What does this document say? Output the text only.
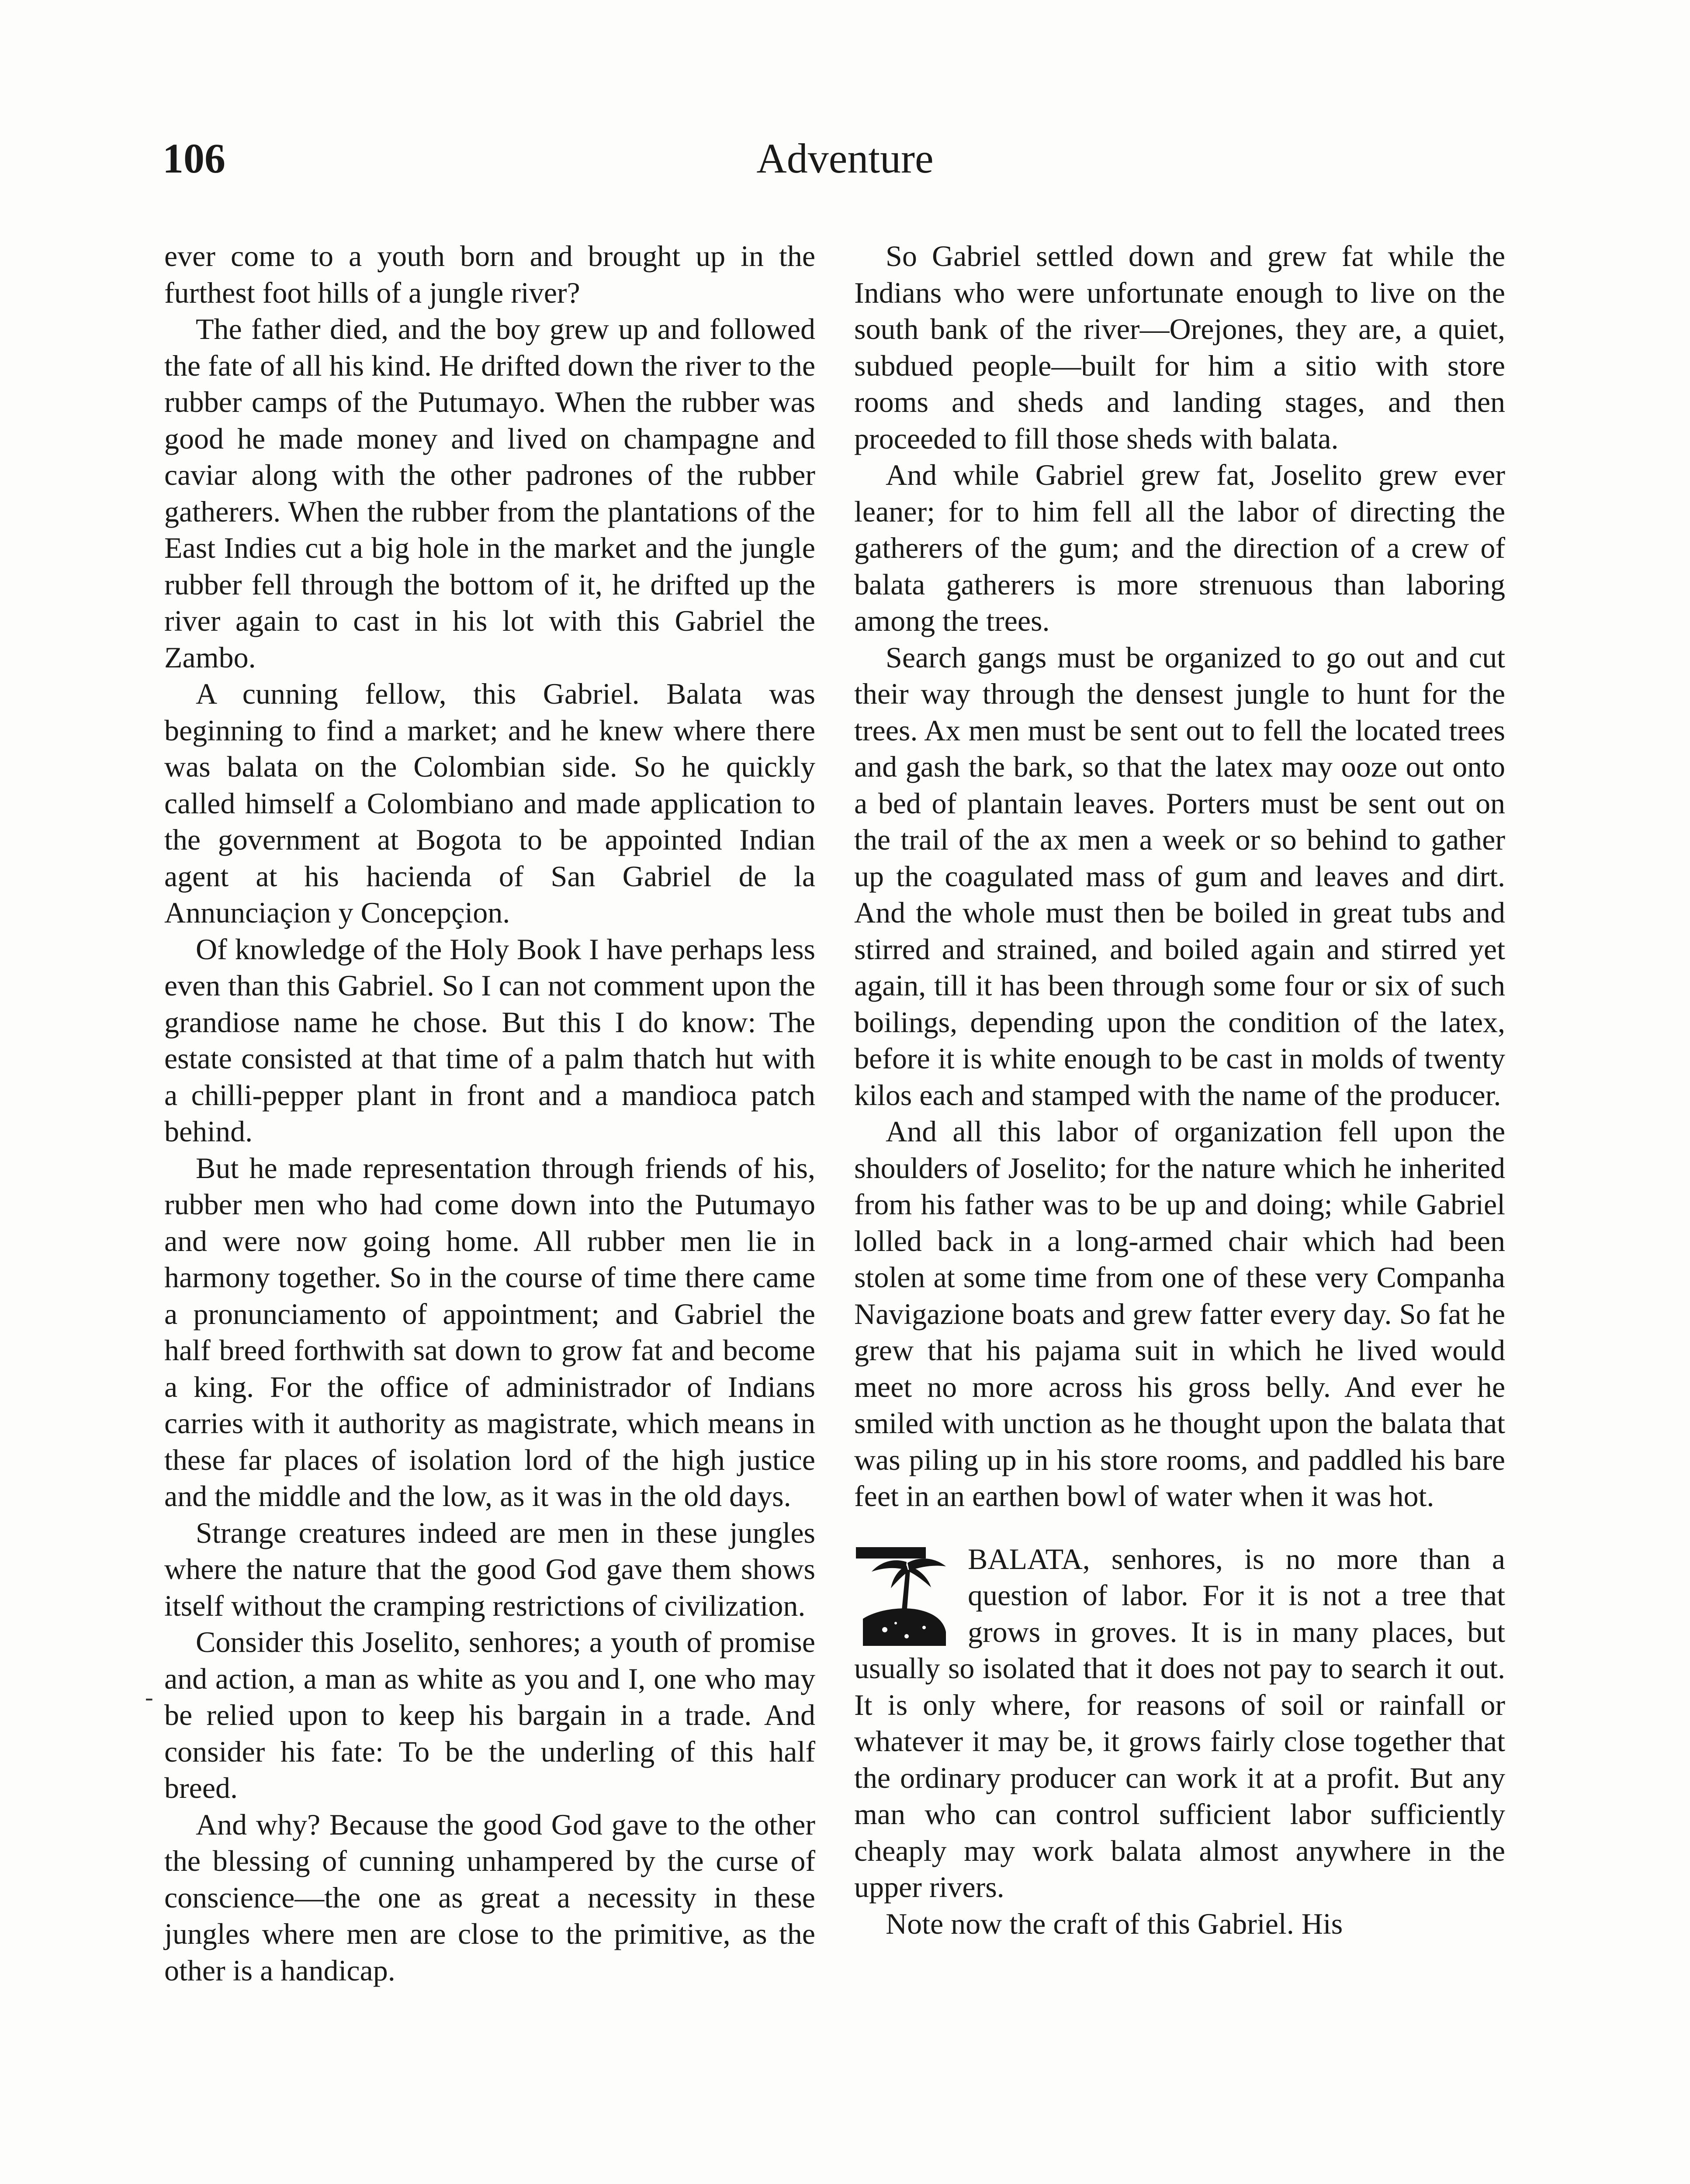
106	Adventure

ever come to a youth born and brought up in the furthest foot hills of a jungle river?

The father died, and the boy grew up and followed the fate of all his kind. He drifted down the river to the rubber camps of the Putumayo. When the rubber was good he made money and lived on champagne and caviar along with the other padrones of the rubber gatherers. When the rubber from the plantations of the East Indies cut a big hole in the market and the jungle rubber fell through the bottom of it, he drifted up the river again to cast in his lot with this Gabriel the Zambo.

A cunning fellow, this Gabriel. Balata was beginning to find a market; and he knew where there was balata on the Colombian side. So he quickly called himself a Colombiano and made application to the government at Bogota to be appointed Indian agent at his hacienda of San Gabriel de la Annunciaçion y Concepçion.

Of knowledge of the Holy Book I have perhaps less even than this Gabriel. So I can not comment upon the grandiose name he chose. But this I do know: The estate consisted at that time of a palm thatch hut with a chilli-pepper plant in front and a mandioca patch behind.

But he made representation through friends of his, rubber men who had come down into the Putumayo and were now going home. All rubber men lie in harmony together. So in the course of time there came a pronunciamento of appointment; and Gabriel the half breed forthwith sat down to grow fat and become a king. For the office of administrador of Indians carries with it authority as magistrate, which means in these far places of isolation lord of the high justice and the middle and the low, as it was in the old days.

Strange creatures indeed are men in these jungles where the nature that the good God gave them shows itself without the cramping restrictions of civilization.

Consider this Joselito, senhores; a youth of promise and action, a man as white as you and I, one who may be relied upon to keep his bargain in a trade. And consider his fate: To be the underling of this half breed.

And why? Because the good God gave to the other the blessing of cunning unhampered by the curse of conscience—the one as great a necessity in these jungles where men are close to the primitive, as the other is a handicap.

So Gabriel settled down and grew fat while the Indians who were unfortunate enough to live on the south bank of the river—Orejones, they are, a quiet, subdued people—built for him a sitio with store rooms and sheds and landing stages, and then proceeded to fill those sheds with balata.

And while Gabriel grew fat, Joselito grew ever leaner; for to him fell all the labor of directing the gatherers of the gum; and the direction of a crew of balata gatherers is more strenuous than laboring among the trees.

Search gangs must be organized to go out and cut their way through the densest jungle to hunt for the trees. Ax men must be sent out to fell the located trees and gash the bark, so that the latex may ooze out onto a bed of plantain leaves. Porters must be sent out on the trail of the ax men a week or so behind to gather up the coagulated mass of gum and leaves and dirt. And the whole must then be boiled in great tubs and stirred and strained, and boiled again and stirred yet again, till it has been through some four or six of such boilings, depending upon the condition of the latex, before it is white enough to be cast in molds of twenty kilos each and stamped with the name of the producer.

And all this labor of organization fell upon the shoulders of Joselito; for the nature which he inherited from his father was to be up and doing; while Gabriel lolled back in a long-armed chair which had been stolen at some time from one of these very Companha Navigazione boats and grew fatter every day. So fat he grew that his pajama suit in which he lived would meet no more across his gross belly. And ever he smiled with unction as he thought upon the balata that was piling up in his store rooms, and paddled his bare feet in an earthen bowl of water when it was hot.

BALATA, senhores, is no more than a question of labor. For it is not a tree that grows in groves. It is in many places, but usually so isolated that it does not pay to search it out. It is only where, for reasons of soil or rainfall or whatever it may be, it grows fairly close together that the ordinary producer can work it at a profit. But any man who can control sufficient labor sufficiently cheaply may work balata almost anywhere in the upper rivers.

Note now the craft of this Gabriel. His

-
